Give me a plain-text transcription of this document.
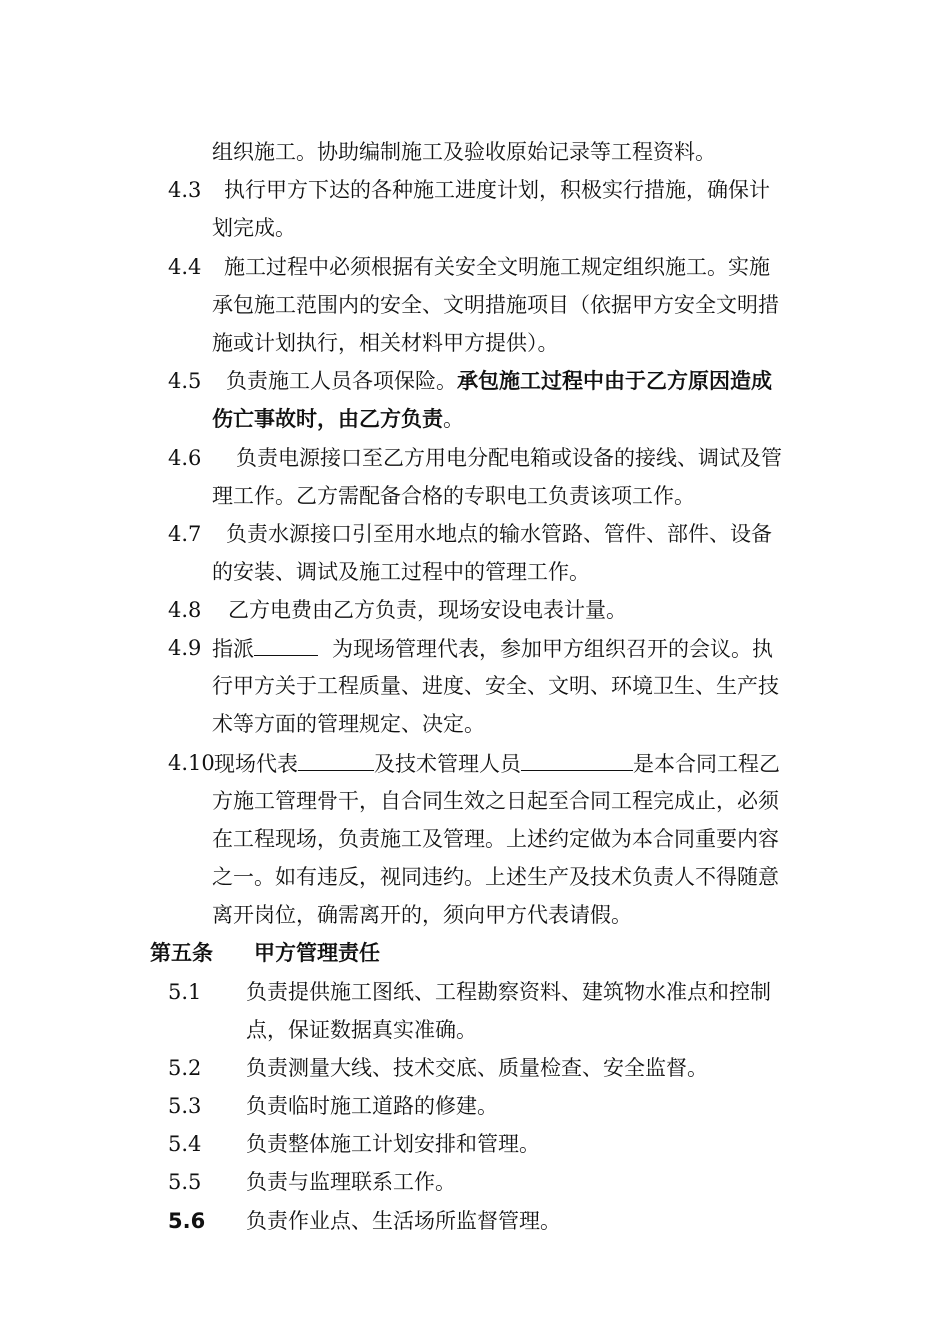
组织施工。协助编制施工及验收原始记录等工程资料。
4.3 执行甲方下达的各种施工进度计划，积极实行措施，确保计
划完成。
4.4 施工过程中必须根据有关安全文明施工规定组织施工。实施
承包施工范围内的安全、文明措施项目（依据甲方安全文明措
施或计划执行，相关材料甲方提供）。
4.5 负责施工人员各项保险。承包施工过程中由于乙方原因造成
伤亡事故时，由乙方负责。
4.6 负责电源接口至乙方用电分配电箱或设备的接线、调试及管
理工作。乙方需配备合格的专职电工负责该项工作。
4.7 负责水源接口引至用水地点的输水管路、管件、部件、设备
的安装、调试及施工过程中的管理工作。
4.8 乙方电费由乙方负责，现场安设电表计量。
4.9 指派	为现场管理代表，参加甲方组织召开的会议。执
行甲方关于工程质量、进度、安全、文明、环境卫生、生产技
术等方面的管理规定、决定。
4.10 现场代表	及技术管理人员	是本合同工程乙
方施工管理骨干，自合同生效之日起至合同工程完成止，必须
在工程现场，负责施工及管理。上述约定做为本合同重要内容
之一。如有违反，视同违约。上述生产及技术负责人不得随意
离开岗位，确需离开的，须向甲方代表请假。
第五条 甲方管理责任
5.1 负责提供施工图纸、工程勘察资料、建筑物水准点和控制
点，保证数据真实准确。
5.2 负责测量大线、技术交底、质量检查、安全监督。
5.3 负责临时施工道路的修建。
5.4 负责整体施工计划安排和管理。
5.5 负责与监理联系工作。
5.6 负责作业点、生活场所监督管理。
